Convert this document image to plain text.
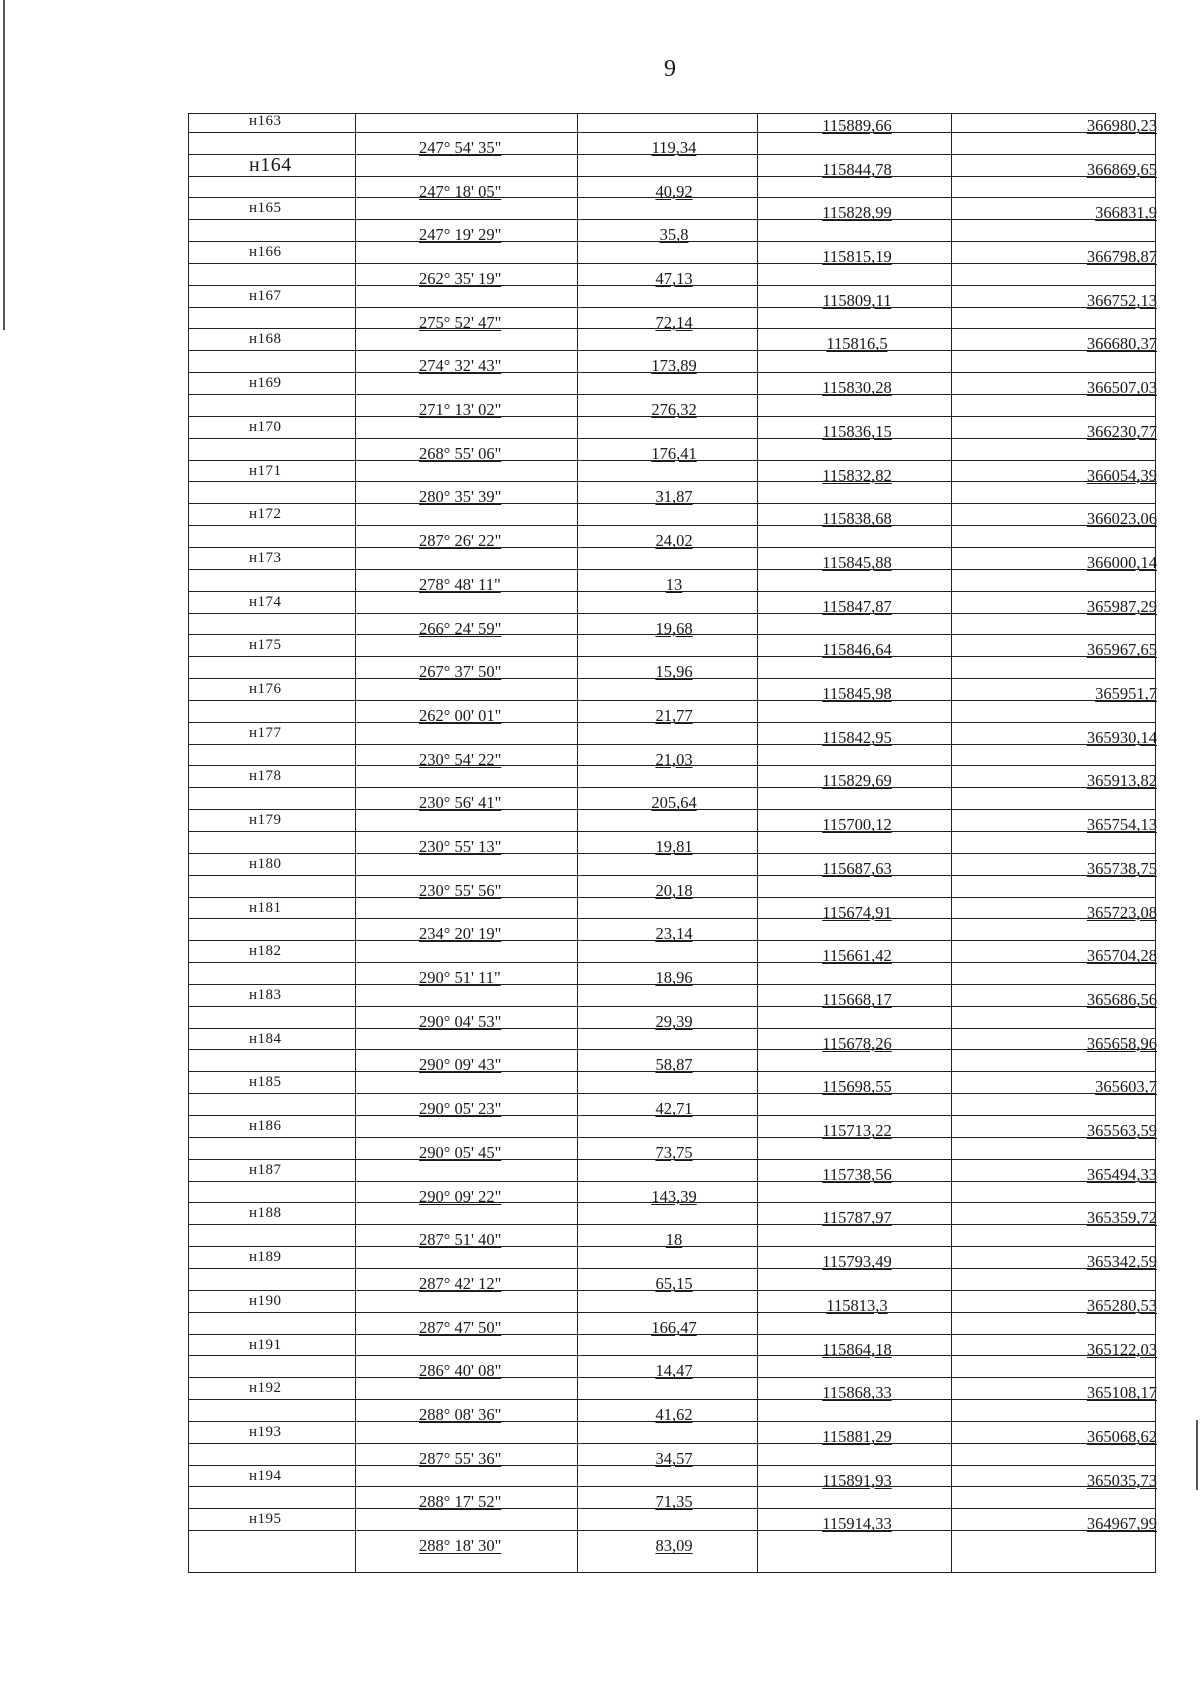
9
н163	115889,66	366980,23
247° 54' 35"	119,34
н164	115844,78	366869,65
247° 18' 05"	40,92
н165	115828,99	366831,9
247° 19' 29"	35,8
н166	115815,19	366798,87
262° 35' 19"	47,13
н167	115809,11	366752,13
275° 52' 47"	72,14
н168	115816,5	366680,37
274° 32' 43"	173,89
н169	115830,28	366507,03
271° 13' 02"	276,32
н170	115836,15	366230,77
268° 55' 06"	176,41
н171	115832,82	366054,39
280° 35' 39"	31,87
н172	115838,68	366023,06
287° 26' 22"	24,02
н173	115845,88	366000,14
278° 48' 11"	13
н174	115847,87	365987,29
266° 24' 59"	19,68
н175	115846,64	365967,65
267° 37' 50"	15,96
н176	115845,98	365951,7
262° 00' 01"	21,77
н177	115842,95	365930,14
230° 54' 22"	21,03
н178	115829,69	365913,82
230° 56' 41"	205,64
н179	115700,12	365754,13
230° 55' 13"	19,81
н180	115687,63	365738,75
230° 55' 56"	20,18
н181	115674,91	365723,08
234° 20' 19"	23,14
н182	115661,42	365704,28
290° 51' 11"	18,96
н183	115668,17	365686,56
290° 04' 53"	29,39
н184	115678,26	365658,96
290° 09' 43"	58,87
н185	115698,55	365603,7
290° 05' 23"	42,71
н186	115713,22	365563,59
290° 05' 45"	73,75
н187	115738,56	365494,33
290° 09' 22"	143,39
н188	115787,97	365359,72
287° 51' 40"	18
н189	115793,49	365342,59
287° 42' 12"	65,15
н190	115813,3	365280,53
287° 47' 50"	166,47
н191	115864,18	365122,03
286° 40' 08"	14,47
н192	115868,33	365108,17
288° 08' 36"	41,62
н193	115881,29	365068,62
287° 55' 36"	34,57
н194	115891,93	365035,73
288° 17' 52"	71,35
н195	115914,33	364967,99
288° 18' 30"	83,09
